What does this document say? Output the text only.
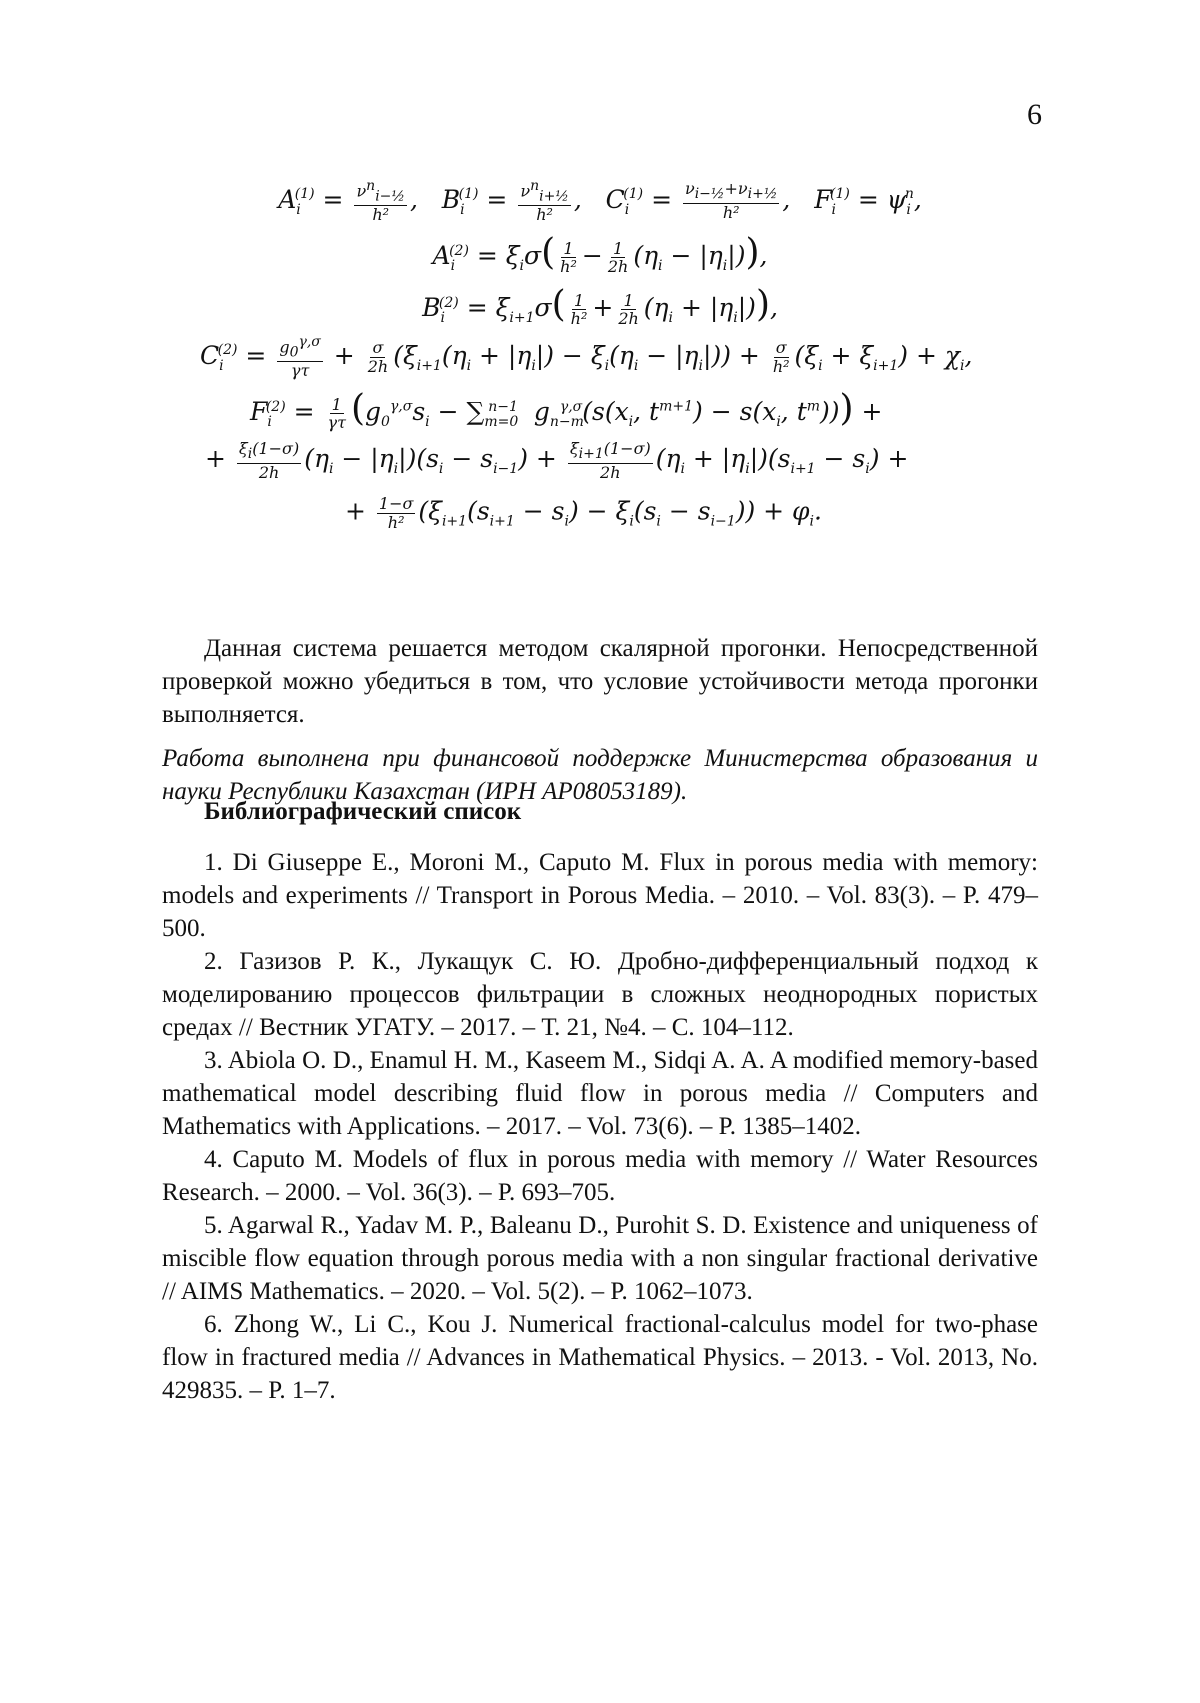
6
Ai(1) = νni−½
h²
,   Bi(1) = νni+½
h²
,   Ci(1) = νi−½+νi+½
h² ,   Fi(1) = ψin,
Ai(2) = ξiσ( 1
h² − 1
2h (ηi − |ηi|)),
Bi(2) = ξi+1σ( 1
h² + 1
2h (ηi + |ηi|)),
Ci(2) = g0γ,σ
γτ
+ σ
2h (ξi+1(ηi + |ηi|) − ξi(ηi − |ηi|)) + σ
h² (ξi + ξi+1) + χi,
Fi(2) = 1
γτ (g0γ,σsi − ∑m=0n−1  gn−mγ,σ(s(xi, tm+1) − s(xi, tm))) +
+ ξi(1−σ)
2h (ηi − |ηi|)(si − si−1) + ξi+1(1−σ)
2h (ηi + |ηi|)(si+1 − si) +
+ 1−σ
h² (ξi+1(si+1 − si) − ξi(si − si−1)) + φi.

Данная система решается методом скалярной прогонки. Непосредственной проверкой можно убедиться в том, что условие устойчивости метода прогонки выполняется.

Работа выполнена при финансовой поддержке Министерства образования и науки Республики Казахстан (ИРН AP08053189).

Библиографический список

1. Di Giuseppe E., Moroni M., Caputo M. Flux in porous media with memory: models and experiments // Transport in Porous Media. – 2010. – Vol. 83(3). – P. 479–500.

2. Газизов Р. К., Лукащук С. Ю. Дробно-дифференциальный подход к моделированию процессов фильтрации в сложных неоднородных пористых средах // Вестник УГАТУ. – 2017. – Т. 21, №4. – С. 104–112.

3. Abiola O. D., Enamul H. M., Kaseem M., Sidqi A. A. A modified memory-based mathematical model describing fluid flow in porous media // Computers and Mathematics with Applications. – 2017. – Vol. 73(6). – P. 1385–1402.

4. Caputo M. Models of flux in porous media with memory // Water Resources Research. – 2000. – Vol. 36(3). – P. 693–705.

5. Agarwal R., Yadav M. P., Baleanu D., Purohit S. D. Existence and uniqueness of miscible flow equation through porous media with a non singular fractional derivative // AIMS Mathematics. – 2020. – Vol. 5(2). – P. 1062–1073.

6. Zhong W., Li C., Kou J. Numerical fractional-calculus model for two-phase flow in fractured media // Advances in Mathematical Physics. – 2013. - Vol. 2013, No. 429835. – P. 1–7.
